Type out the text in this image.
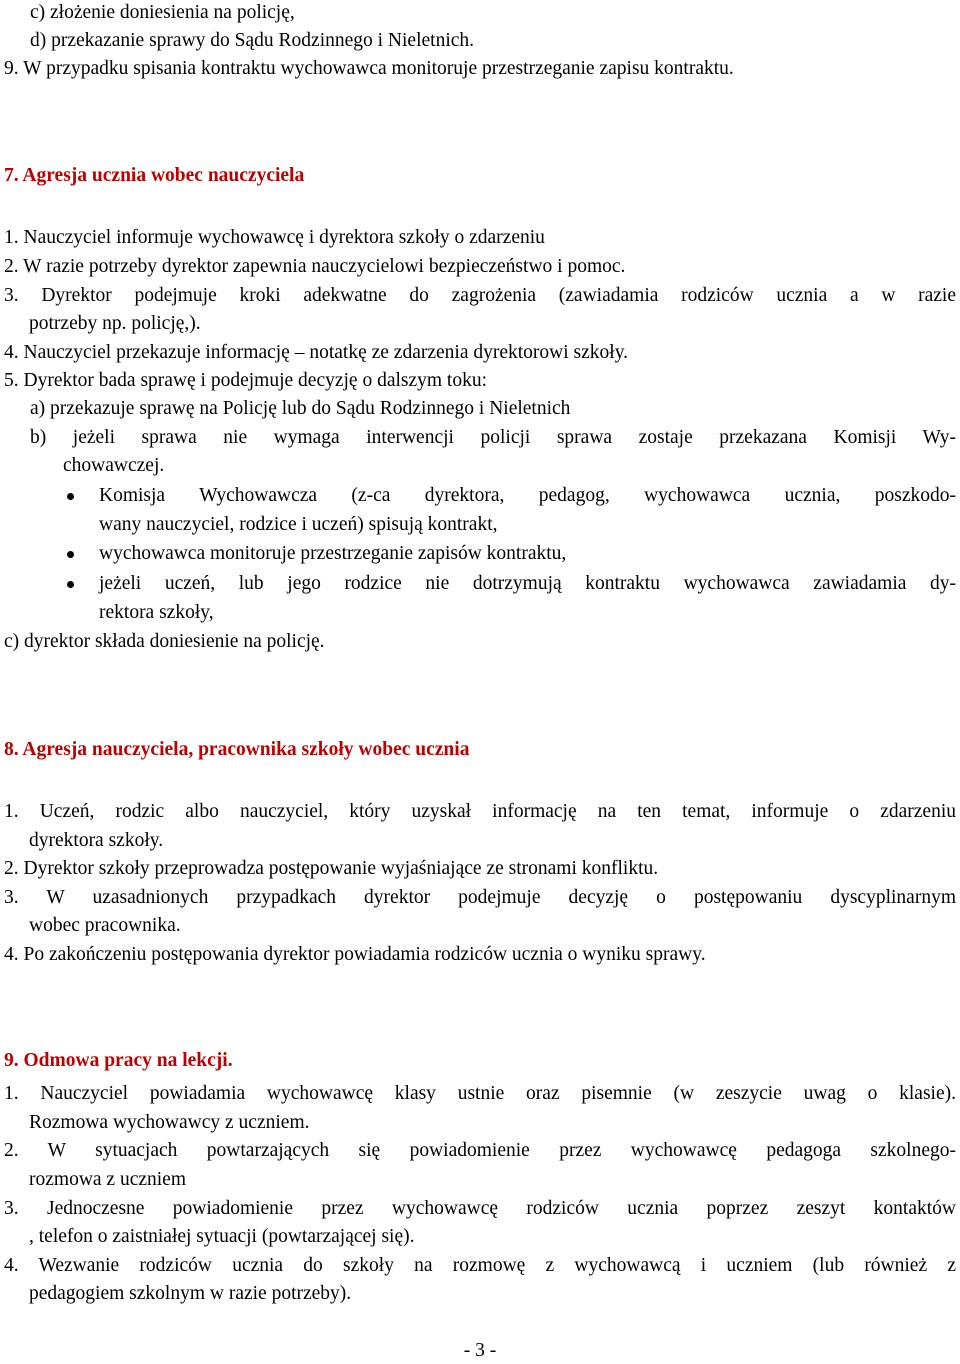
c) złożenie doniesienia na policję,
d) przekazanie sprawy do Sądu Rodzinnego i Nieletnich.
9. W przypadku spisania kontraktu wychowawca monitoruje przestrzeganie zapisu kontraktu.
7. Agresja ucznia wobec nauczyciela
1. Nauczyciel informuje wychowawcę i dyrektora szkoły o zdarzeniu
2. W razie potrzeby dyrektor zapewnia nauczycielowi bezpieczeństwo i pomoc.
3. Dyrektor podejmuje kroki adekwatne do zagrożenia (zawiadamia rodziców ucznia a w razie
potrzeby np. policję,).
4. Nauczyciel przekazuje informację – notatkę ze zdarzenia dyrektorowi szkoły.
5. Dyrektor bada sprawę i podejmuje decyzję o dalszym toku:
a) przekazuje sprawę na Policję lub do Sądu Rodzinnego i Nieletnich
b) jeżeli sprawa nie wymaga interwencji policji sprawa zostaje przekazana Komisji Wy-
chowawczej.
Komisja Wychowawcza (z-ca dyrektora, pedagog, wychowawca ucznia, poszkodo-
wany nauczyciel, rodzice i uczeń) spisują kontrakt,
wychowawca monitoruje przestrzeganie zapisów kontraktu,
jeżeli uczeń, lub jego rodzice nie dotrzymują kontraktu wychowawca zawiadamia dy-
rektora szkoły,
c) dyrektor składa doniesienie na policję.
8. Agresja nauczyciela, pracownika szkoły wobec ucznia
1. Uczeń, rodzic albo nauczyciel, który uzyskał informację na ten temat, informuje o zdarzeniu
dyrektora szkoły.
2. Dyrektor szkoły przeprowadza postępowanie wyjaśniające ze stronami konfliktu.
3. W uzasadnionych przypadkach dyrektor podejmuje decyzję o postępowaniu dyscyplinarnym
wobec pracownika.
4. Po zakończeniu postępowania dyrektor powiadamia rodziców ucznia o wyniku sprawy.
9. Odmowa pracy na lekcji.
1. Nauczyciel powiadamia wychowawcę klasy ustnie oraz pisemnie (w zeszycie uwag o klasie).
Rozmowa wychowawcy z uczniem.
2. W sytuacjach powtarzających się powiadomienie przez wychowawcę pedagoga szkolnego-
rozmowa z uczniem
3. Jednoczesne powiadomienie przez wychowawcę rodziców ucznia poprzez zeszyt kontaktów
, telefon o zaistniałej sytuacji (powtarzającej się).
4. Wezwanie rodziców ucznia do szkoły na rozmowę z wychowawcą i uczniem (lub również z
pedagogiem szkolnym w razie potrzeby).
- 3 -
